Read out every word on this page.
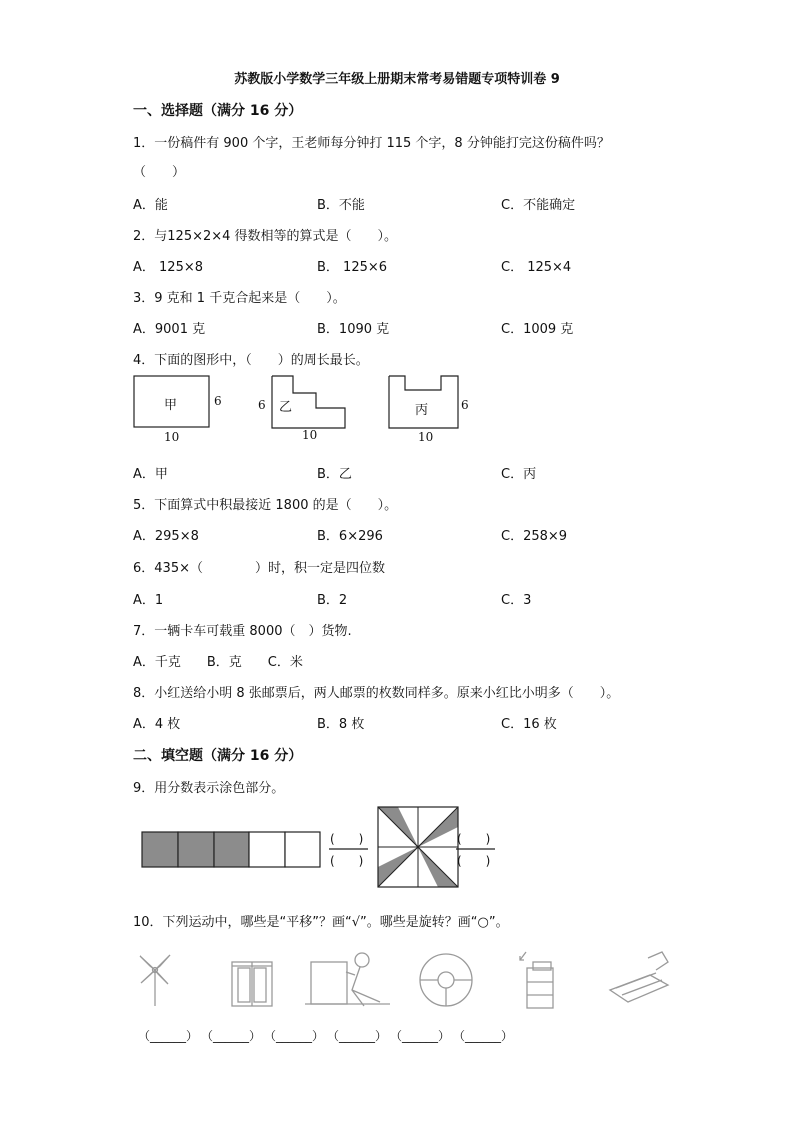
苏教版小学数学三年级上册期末常考易错题专项特训卷 9
一、选择题（满分 16 分）
1．一份稿件有 900 个字，王老师每分钟打 115 个字，8 分钟能打完这份稿件吗？
（　　）
A．能	B．不能	C．不能确定
2．与125×2×4 得数相等的算式是（　　）。
A． 125×8	B． 125×6	C． 125×4
3．9 克和 1 千克合起来是（　　）。
A．9001 克	B．1090 克	C．1009 克
4．下面的图形中，（　　）的周长最长。
甲	6
10
6 乙
10
丙	6
10
A．甲	B．乙	C．丙
5．下面算式中积最接近 1800 的是（　　）。
A．295×8	B．6×296	C．258×9
6．435×（　　　　）时，积一定是四位数
A．1	B．2	C．3
7．一辆卡车可载重 8000（　）货物.
A．千克　　B．克　　C．米
8．小红送给小明 8 张邮票后，两人邮票的枚数同样多。原来小红比小明多（　　）。
A．4 枚	B．8 枚	C．16 枚
二、填空题（满分 16 分）
9．用分数表示涂色部分。
(　　)
(　　)
(　　)
(　　)
10．下列运动中，哪些是“平移”？画“√”。哪些是旋转？画“○”。
（______） （______） （______） （______） （______） （______）
